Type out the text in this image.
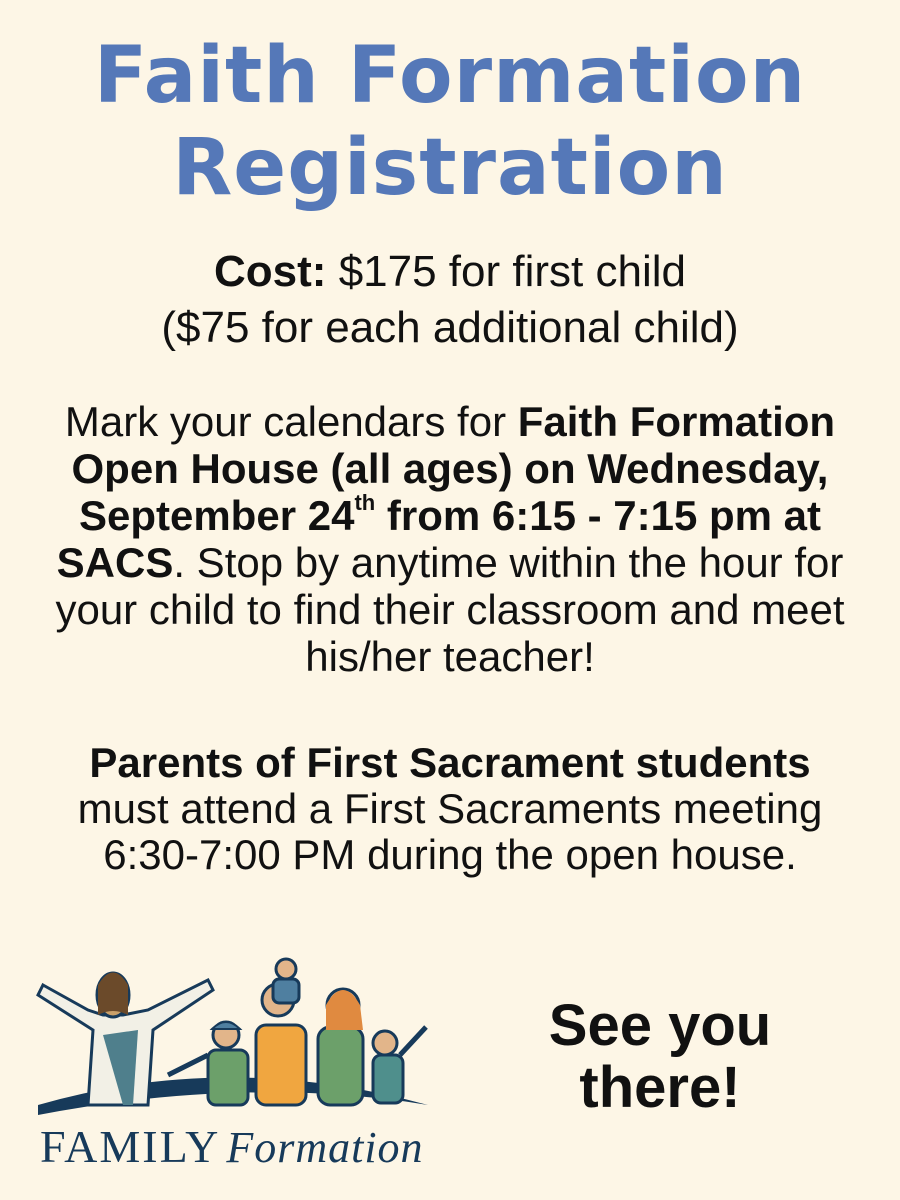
Faith Formation
Registration
Cost: $175 for first child
($75 for each additional child)
Mark your calendars for Faith Formation Open House (all ages) on Wednesday, September 24th from 6:15 - 7:15 pm at SACS. Stop by anytime within the hour for your child to find their classroom and meet his/her teacher!
Parents of First Sacrament students must attend a First Sacraments meeting 6:30-7:00 PM during the open house.
FAMILY Formation
See you there!
